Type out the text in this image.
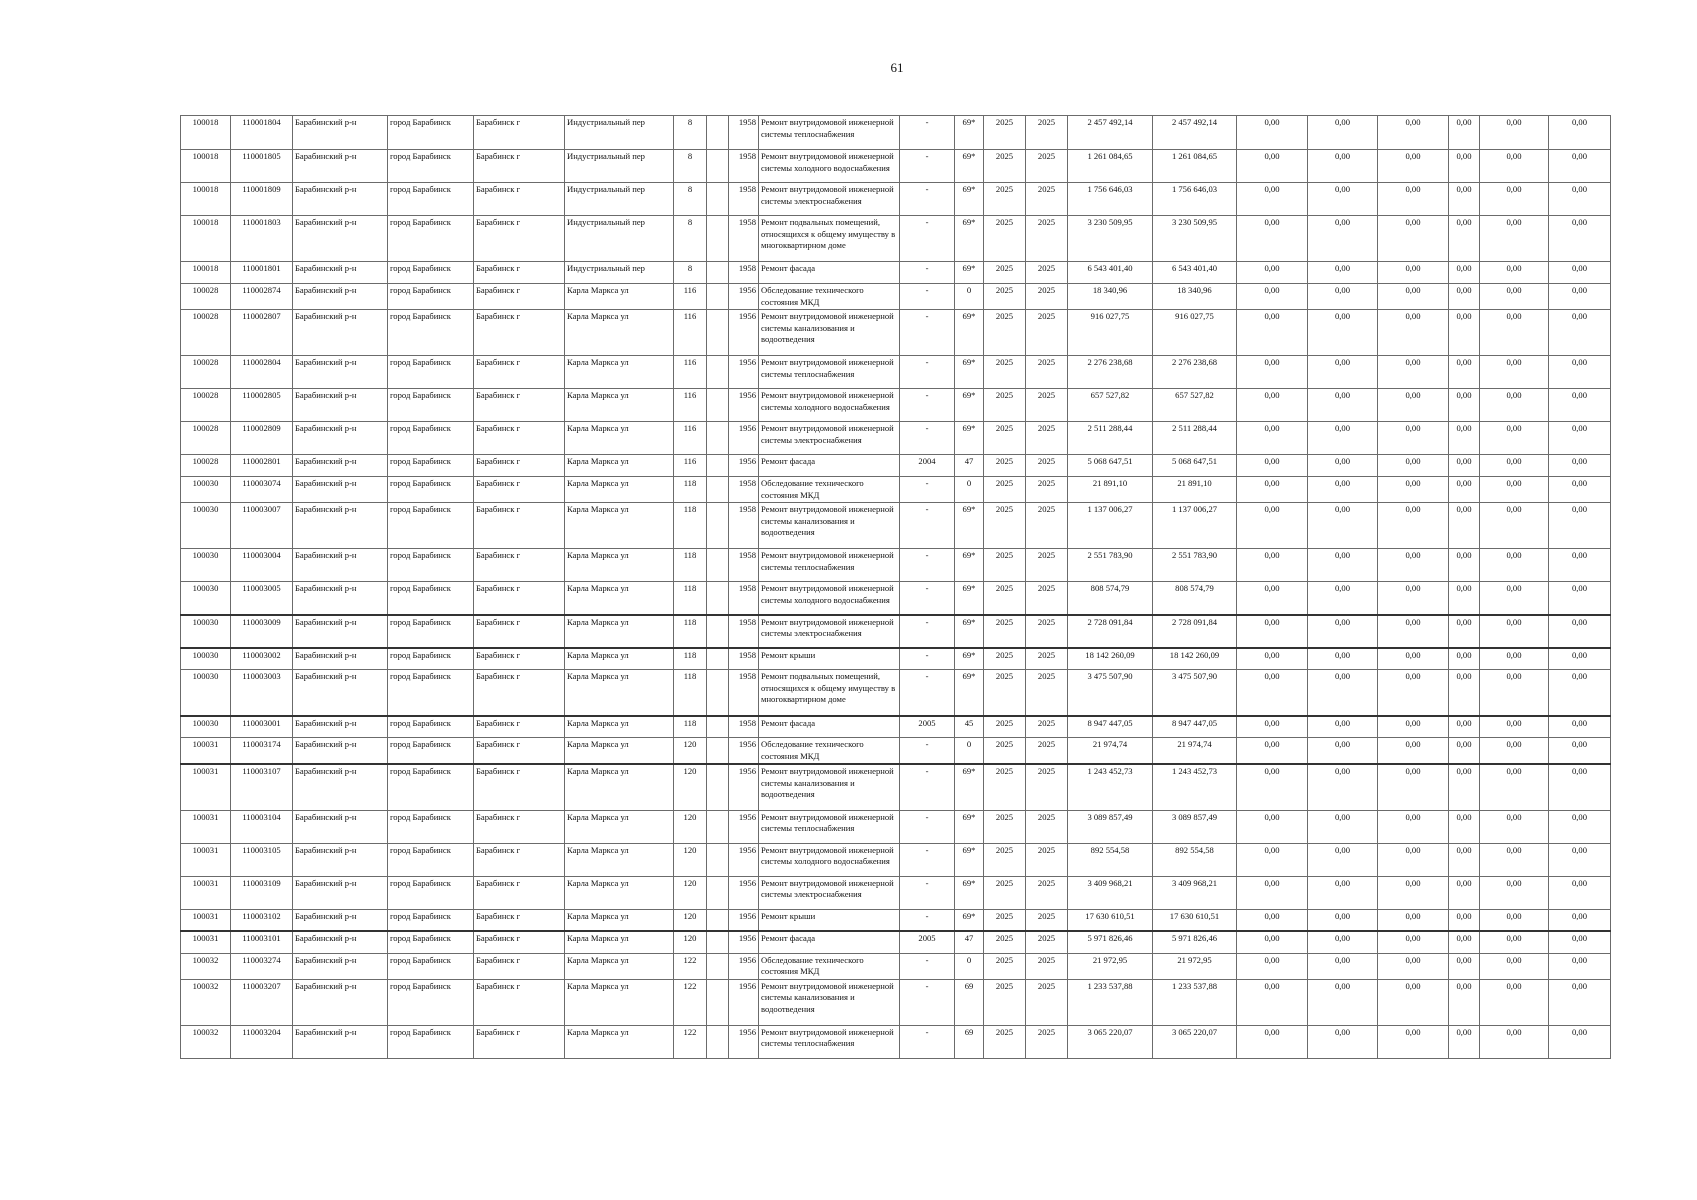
61
100018	110001804	Барабинский р-н	город Барабинск	Барабинск г	Индустриальный пер	8		1958	Ремонт внутридомовой инженерной системы теплоснабжения	-	69*	2025	2025	2 457 492,14	2 457 492,14	0,00	0,00	0,00	0,00	0,00	0,00
100018	110001805	Барабинский р-н	город Барабинск	Барабинск г	Индустриальный пер	8		1958	Ремонт внутридомовой инженерной системы холодного водоснабжения	-	69*	2025	2025	1 261 084,65	1 261 084,65	0,00	0,00	0,00	0,00	0,00	0,00
100018	110001809	Барабинский р-н	город Барабинск	Барабинск г	Индустриальный пер	8		1958	Ремонт внутридомовой инженерной системы электроснабжения	-	69*	2025	2025	1 756 646,03	1 756 646,03	0,00	0,00	0,00	0,00	0,00	0,00
100018	110001803	Барабинский р-н	город Барабинск	Барабинск г	Индустриальный пер	8		1958	Ремонт подвальных помещений, относящихся к общему имуществу в многоквартирном доме	-	69*	2025	2025	3 230 509,95	3 230 509,95	0,00	0,00	0,00	0,00	0,00	0,00
100018	110001801	Барабинский р-н	город Барабинск	Барабинск г	Индустриальный пер	8		1958	Ремонт фасада	-	69*	2025	2025	6 543 401,40	6 543 401,40	0,00	0,00	0,00	0,00	0,00	0,00
100028	110002874	Барабинский р-н	город Барабинск	Барабинск г	Карла Маркса ул	116		1956	Обследование технического состояния МКД	-	0	2025	2025	18 340,96	18 340,96	0,00	0,00	0,00	0,00	0,00	0,00
100028	110002807	Барабинский р-н	город Барабинск	Барабинск г	Карла Маркса ул	116		1956	Ремонт внутридомовой инженерной системы канализования и водоотведения	-	69*	2025	2025	916 027,75	916 027,75	0,00	0,00	0,00	0,00	0,00	0,00
100028	110002804	Барабинский р-н	город Барабинск	Барабинск г	Карла Маркса ул	116		1956	Ремонт внутридомовой инженерной системы теплоснабжения	-	69*	2025	2025	2 276 238,68	2 276 238,68	0,00	0,00	0,00	0,00	0,00	0,00
100028	110002805	Барабинский р-н	город Барабинск	Барабинск г	Карла Маркса ул	116		1956	Ремонт внутридомовой инженерной системы холодного водоснабжения	-	69*	2025	2025	657 527,82	657 527,82	0,00	0,00	0,00	0,00	0,00	0,00
100028	110002809	Барабинский р-н	город Барабинск	Барабинск г	Карла Маркса ул	116		1956	Ремонт внутридомовой инженерной системы электроснабжения	-	69*	2025	2025	2 511 288,44	2 511 288,44	0,00	0,00	0,00	0,00	0,00	0,00
100028	110002801	Барабинский р-н	город Барабинск	Барабинск г	Карла Маркса ул	116		1956	Ремонт фасада	2004	47	2025	2025	5 068 647,51	5 068 647,51	0,00	0,00	0,00	0,00	0,00	0,00
100030	110003074	Барабинский р-н	город Барабинск	Барабинск г	Карла Маркса ул	118		1958	Обследование технического состояния МКД	-	0	2025	2025	21 891,10	21 891,10	0,00	0,00	0,00	0,00	0,00	0,00
100030	110003007	Барабинский р-н	город Барабинск	Барабинск г	Карла Маркса ул	118		1958	Ремонт внутридомовой инженерной системы канализования и водоотведения	-	69*	2025	2025	1 137 006,27	1 137 006,27	0,00	0,00	0,00	0,00	0,00	0,00
100030	110003004	Барабинский р-н	город Барабинск	Барабинск г	Карла Маркса ул	118		1958	Ремонт внутридомовой инженерной системы теплоснабжения	-	69*	2025	2025	2 551 783,90	2 551 783,90	0,00	0,00	0,00	0,00	0,00	0,00
100030	110003005	Барабинский р-н	город Барабинск	Барабинск г	Карла Маркса ул	118		1958	Ремонт внутридомовой инженерной системы холодного водоснабжения	-	69*	2025	2025	808 574,79	808 574,79	0,00	0,00	0,00	0,00	0,00	0,00
100030	110003009	Барабинский р-н	город Барабинск	Барабинск г	Карла Маркса ул	118		1958	Ремонт внутридомовой инженерной системы электроснабжения	-	69*	2025	2025	2 728 091,84	2 728 091,84	0,00	0,00	0,00	0,00	0,00	0,00
100030	110003002	Барабинский р-н	город Барабинск	Барабинск г	Карла Маркса ул	118		1958	Ремонт крыши	-	69*	2025	2025	18 142 260,09	18 142 260,09	0,00	0,00	0,00	0,00	0,00	0,00
100030	110003003	Барабинский р-н	город Барабинск	Барабинск г	Карла Маркса ул	118		1958	Ремонт подвальных помещений, относящихся к общему имуществу в многоквартирном доме	-	69*	2025	2025	3 475 507,90	3 475 507,90	0,00	0,00	0,00	0,00	0,00	0,00
100030	110003001	Барабинский р-н	город Барабинск	Барабинск г	Карла Маркса ул	118		1958	Ремонт фасада	2005	45	2025	2025	8 947 447,05	8 947 447,05	0,00	0,00	0,00	0,00	0,00	0,00
100031	110003174	Барабинский р-н	город Барабинск	Барабинск г	Карла Маркса ул	120		1956	Обследование технического состояния МКД	-	0	2025	2025	21 974,74	21 974,74	0,00	0,00	0,00	0,00	0,00	0,00
100031	110003107	Барабинский р-н	город Барабинск	Барабинск г	Карла Маркса ул	120		1956	Ремонт внутридомовой инженерной системы канализования и водоотведения	-	69*	2025	2025	1 243 452,73	1 243 452,73	0,00	0,00	0,00	0,00	0,00	0,00
100031	110003104	Барабинский р-н	город Барабинск	Барабинск г	Карла Маркса ул	120		1956	Ремонт внутридомовой инженерной системы теплоснабжения	-	69*	2025	2025	3 089 857,49	3 089 857,49	0,00	0,00	0,00	0,00	0,00	0,00
100031	110003105	Барабинский р-н	город Барабинск	Барабинск г	Карла Маркса ул	120		1956	Ремонт внутридомовой инженерной системы холодного водоснабжения	-	69*	2025	2025	892 554,58	892 554,58	0,00	0,00	0,00	0,00	0,00	0,00
100031	110003109	Барабинский р-н	город Барабинск	Барабинск г	Карла Маркса ул	120		1956	Ремонт внутридомовой инженерной системы электроснабжения	-	69*	2025	2025	3 409 968,21	3 409 968,21	0,00	0,00	0,00	0,00	0,00	0,00
100031	110003102	Барабинский р-н	город Барабинск	Барабинск г	Карла Маркса ул	120		1956	Ремонт крыши	-	69*	2025	2025	17 630 610,51	17 630 610,51	0,00	0,00	0,00	0,00	0,00	0,00
100031	110003101	Барабинский р-н	город Барабинск	Барабинск г	Карла Маркса ул	120		1956	Ремонт фасада	2005	47	2025	2025	5 971 826,46	5 971 826,46	0,00	0,00	0,00	0,00	0,00	0,00
100032	110003274	Барабинский р-н	город Барабинск	Барабинск г	Карла Маркса ул	122		1956	Обследование технического состояния МКД	-	0	2025	2025	21 972,95	21 972,95	0,00	0,00	0,00	0,00	0,00	0,00
100032	110003207	Барабинский р-н	город Барабинск	Барабинск г	Карла Маркса ул	122		1956	Ремонт внутридомовой инженерной системы канализования и водоотведения	-	69	2025	2025	1 233 537,88	1 233 537,88	0,00	0,00	0,00	0,00	0,00	0,00
100032	110003204	Барабинский р-н	город Барабинск	Барабинск г	Карла Маркса ул	122		1956	Ремонт внутридомовой инженерной системы теплоснабжения	-	69	2025	2025	3 065 220,07	3 065 220,07	0,00	0,00	0,00	0,00	0,00	0,00
